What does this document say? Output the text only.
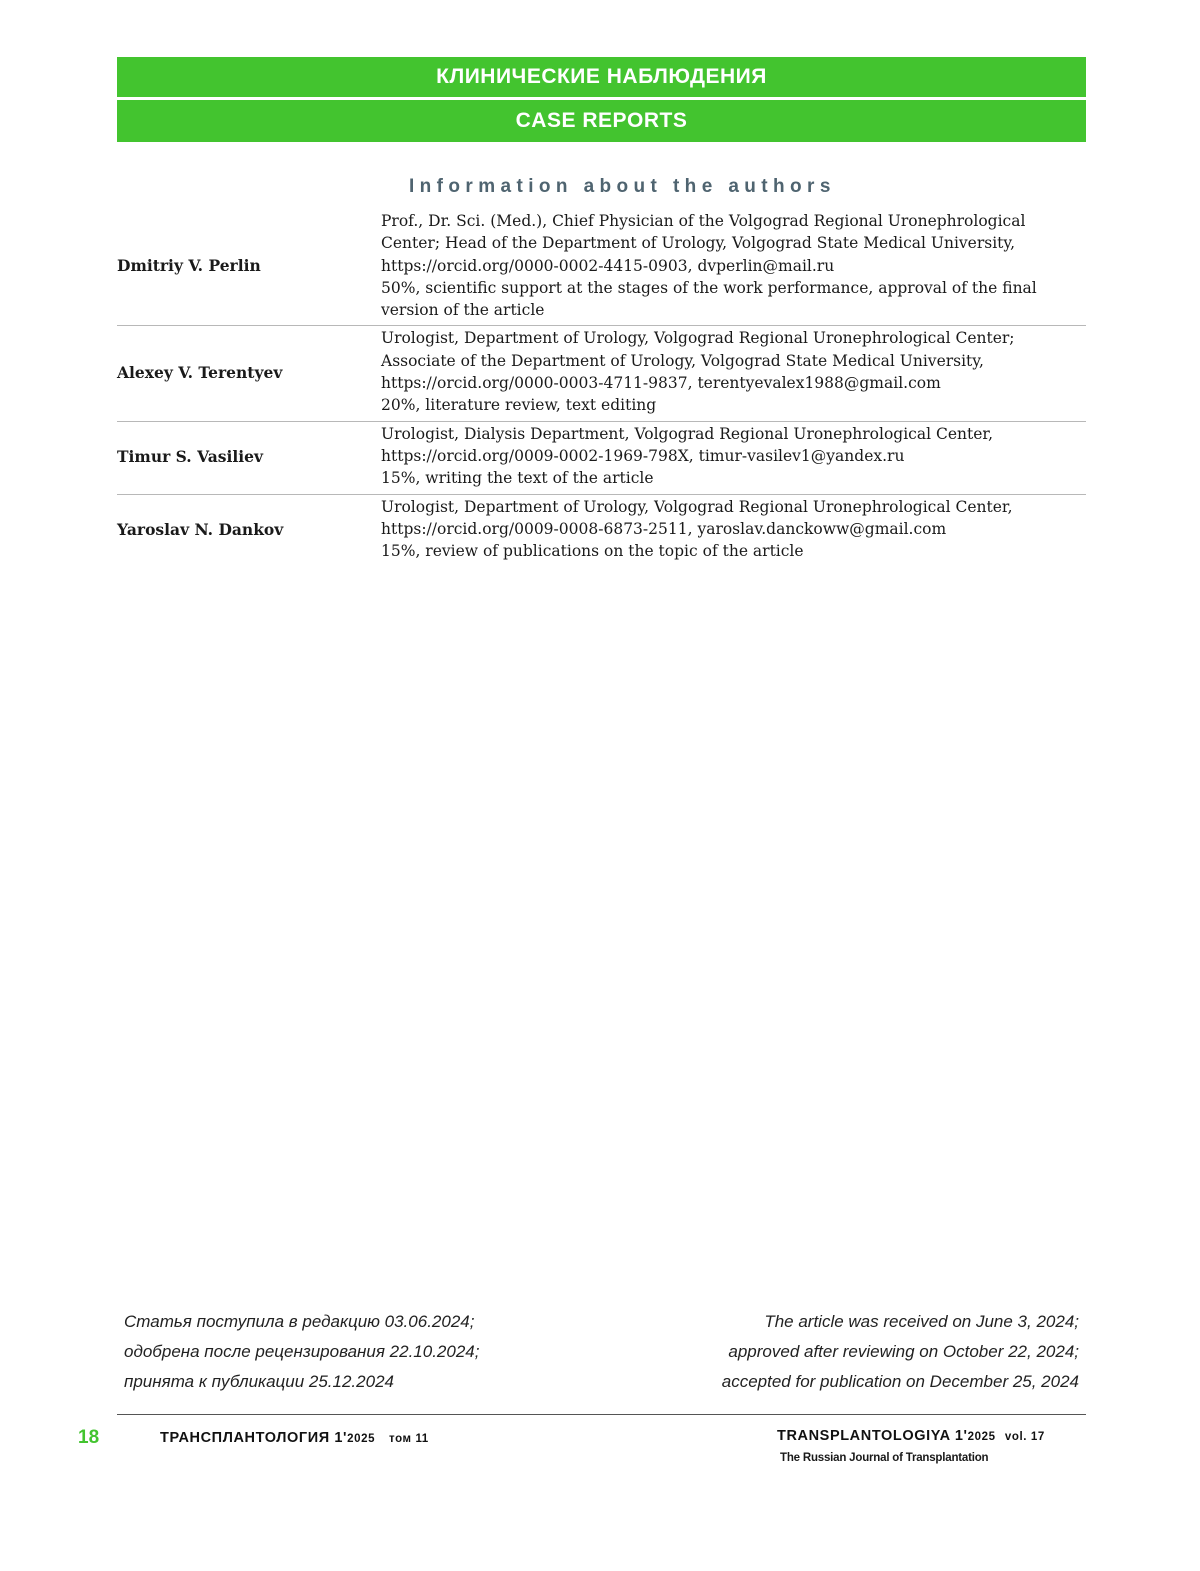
КЛИНИЧЕСКИЕ НАБЛЮДЕНИЯ
CASE REPORTS
Information about the authors
Dmitriy V. Perlin
Prof., Dr. Sci. (Med.), Chief Physician of the Volgograd Regional Uronephrological
Center; Head of the Department of Urology, Volgograd State Medical University,
https://orcid.org/0000-0002-4415-0903, dvperlin@mail.ru
50%, scientific support at the stages of the work performance, approval of the final
version of the article
Alexey V. Terentyev
Urologist, Department of Urology, Volgograd Regional Uronephrological Center;
Associate of the Department of Urology, Volgograd State Medical University,
https://orcid.org/0000-0003-4711-9837, terentyevalex1988@gmail.com
20%, literature review, text editing
Timur S. Vasiliev
Urologist, Dialysis Department, Volgograd Regional Uronephrological Center,
https://orcid.org/0009-0002-1969-798X, timur-vasilev1@yandex.ru
15%, writing the text of the article
Yaroslav N. Dankov
Urologist, Department of Urology, Volgograd Regional Uronephrological Center,
https://orcid.org/0009-0008-6873-2511, yaroslav.danckoww@gmail.com
15%, review of publications on the topic of the article
Статья поступила в редакцию 03.06.2024;
одобрена после рецензирования 22.10.2024;
принята к публикации 25.12.2024
The article was received on June 3, 2024;
approved after reviewing on October 22, 2024;
accepted for publication on December 25, 2024
18	ТРАНСПЛАНТОЛОГИЯ 1'2025 том 11	TRANSPLANTOLOGIYA 1'2025 vol. 17
The Russian Journal of Transplantation
